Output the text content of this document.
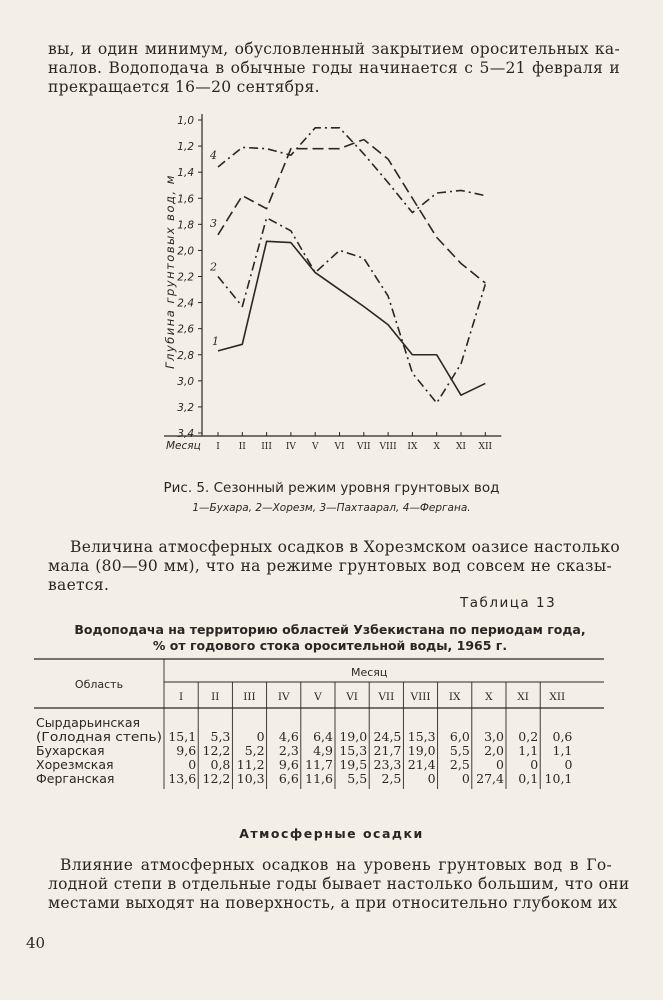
вы, и один минимум, обусловленный закрытием оросительных ка-
налов. Водоподача в обычные годы начинается с 5—21 февраля и
прекращается 16—20 сентября.
1,0
1,2
1,4
1,6
1,8
2,0
2,2
2,4
2,6
2,8
3,0
3,2
3,4
I II III IV V VI VII VIII IX X XI XII
Месяц
Глубина грунтовых вод, м	1
2
3
4
Рис. 5. Сезонный режим уровня грунтовых вод
1—Бухара, 2—Хорезм, 3—Пахтаарал, 4—Фергана.
Величина атмосферных осадков в Хорезмском оазисе настолько
мала (80—90 мм), что на режиме грунтовых вод совсем не сказы-
вается.
Таблица 13
Водоподача на территорию областей Узбекистана по периодам года,
% от годового стока оросительной воды, 1965 г.
Область
Месяц
I	II III IV V VI VII VIII IX X XI XII
Сырдарьинская
(Голодная степь) 15,1 5,3 0 4,6 6,4 19,0 24,5 15,3 6,0 3,0 0,2 0,6
Бухарская	9,6 12,2 5,2 2,3 4,9 15,3 21,7 19,0 5,5 2,0 1,1 1,1
Хорезмская	0 0,8 11,2 9,6 11,7 19,5 23,3 21,4 2,5 0 0 0
Ферганская	13,6 12,2 10,3 6,6 11,6 5,5 2,5 0 0 27,4 0,1 10,1
Атмосферные осадки
Влияние атмосферных осадков на уровень грунтовых вод в Го-
лодной степи в отдельные годы бывает настолько большим, что они
местами выходят на поверхность, а при относительно глубоком их
40
